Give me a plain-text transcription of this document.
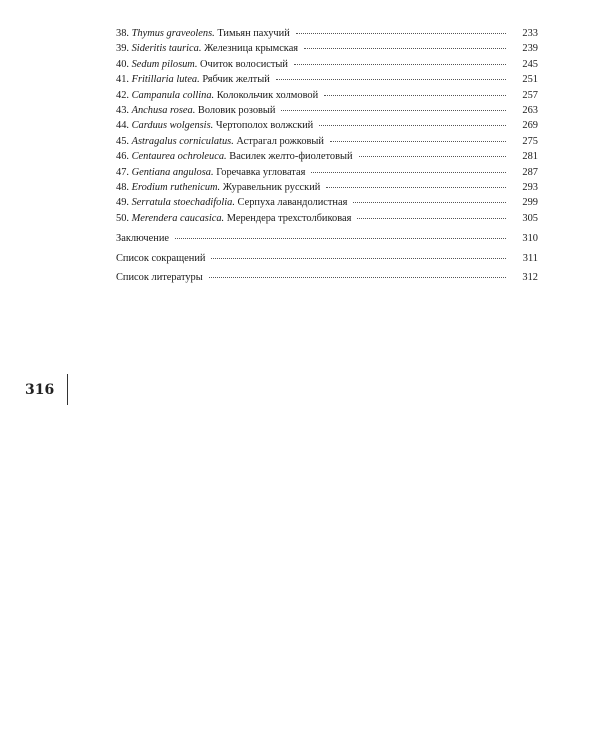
38. Thymus graveolens. Тимьян пахучий	233
39. Sideritis taurica. Железница крымская	239
40. Sedum pilosum. Очиток волосистый	245
41. Fritillaria lutea. Рябчик желтый	251
42. Campanula collina. Колокольчик холмовой	257
43. Anchusa rosea. Воловик розовый	263
44. Carduus wolgensis. Чертополох волжский	269
45. Astragalus corniculatus. Астрагал рожковый	275
46. Centaurea ochroleuca. Василек желто-фиолетовый	281
47. Gentiana angulosa. Горечавка угловатая	287
48. Erodium ruthenicum. Журавельник русский	293
49. Serratula stoechadifolia. Серпуха лавандолистная	299
50. Merendera caucasica. Мерендера трехстолбиковая	305
Заключение	310
Список сокращений	311
Список литературы	312
316
